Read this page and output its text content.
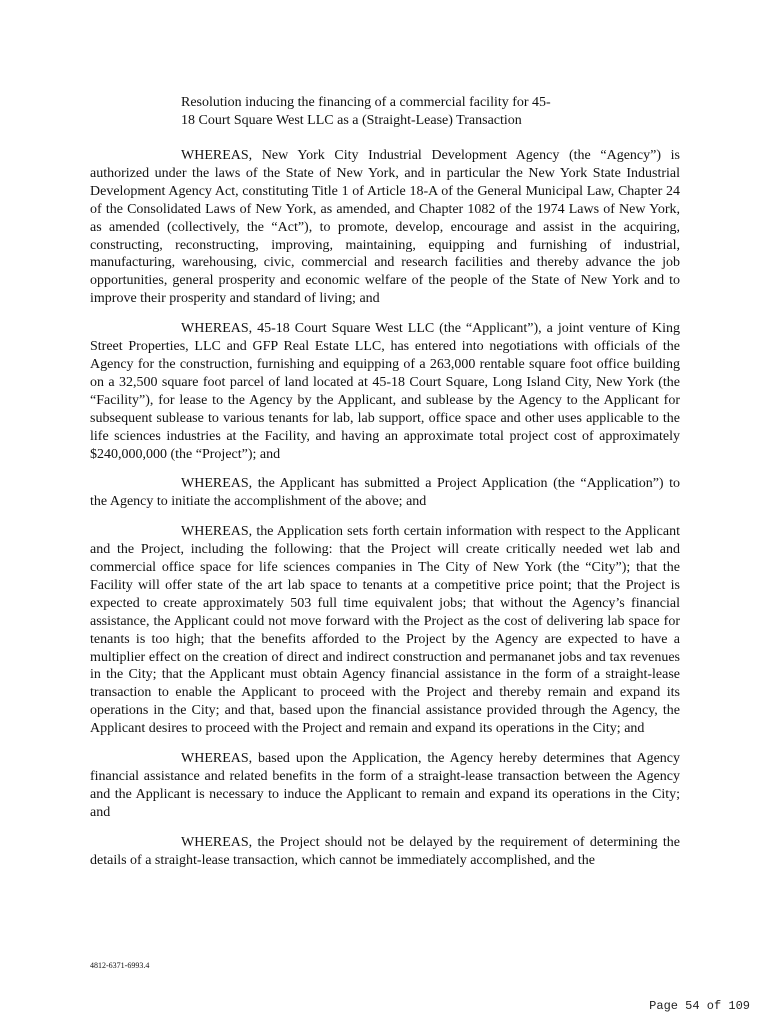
Resolution inducing the financing of a commercial facility for 45-
18 Court Square West LLC as a (Straight-Lease) Transaction

WHEREAS, New York City Industrial Development Agency (the “Agency”) is authorized under the laws of the State of New York, and in particular the New York State Industrial Development Agency Act, constituting Title 1 of Article 18-A of the General Municipal Law, Chapter 24 of the Consolidated Laws of New York, as amended, and Chapter 1082 of the 1974 Laws of New York, as amended (collectively, the “Act”), to promote, develop, encourage and assist in the acquiring, constructing, reconstructing, improving, maintaining, equipping and furnishing of industrial, manufacturing, warehousing, civic, commercial and research facilities and thereby advance the job opportunities, general prosperity and economic welfare of the people of the State of New York and to improve their prosperity and standard of living; and

WHEREAS, 45-18 Court Square West LLC (the “Applicant”), a joint venture of King Street Properties, LLC and GFP Real Estate LLC, has entered into negotiations with officials of the Agency for the construction, furnishing and equipping of a 263,000 rentable square foot office building on a 32,500 square foot parcel of land located at 45-18 Court Square, Long Island City, New York (the “Facility”), for lease to the Agency by the Applicant, and sublease by the Agency to the Applicant for subsequent sublease to various tenants for lab, lab support, office space and other uses applicable to the life sciences industries at the Facility, and having an approximate total project cost of approximately $240,000,000 (the “Project”); and

WHEREAS, the Applicant has submitted a Project Application (the “Application”) to the Agency to initiate the accomplishment of the above; and

WHEREAS, the Application sets forth certain information with respect to the Applicant and the Project, including the following: that the Project will create critically needed wet lab and commercial office space for life sciences companies in The City of New York (the “City”); that the Facility will offer state of the art lab space to tenants at a competitive price point; that the Project is expected to create approximately 503 full time equivalent jobs; that without the Agency’s financial assistance, the Applicant could not move forward with the Project as the cost of delivering lab space for tenants is too high; that the benefits afforded to the Project by the Agency are expected to have a multiplier effect on the creation of direct and indirect construction and permananet jobs and tax revenues in the City; that the Applicant must obtain Agency financial assistance in the form of a straight-lease transaction to enable the Applicant to proceed with the Project and thereby remain and expand its operations in the City; and that, based upon the financial assistance provided through the Agency, the Applicant desires to proceed with the Project and remain and expand its operations in the City; and

WHEREAS, based upon the Application, the Agency hereby determines that Agency financial assistance and related benefits in the form of a straight-lease transaction between the Agency and the Applicant is necessary to induce the Applicant to remain and expand its operations in the City; and

WHEREAS, the Project should not be delayed by the requirement of determining the details of a straight-lease transaction, which cannot be immediately accomplished, and the

4812-6371-6993.4
Page 54 of 109
